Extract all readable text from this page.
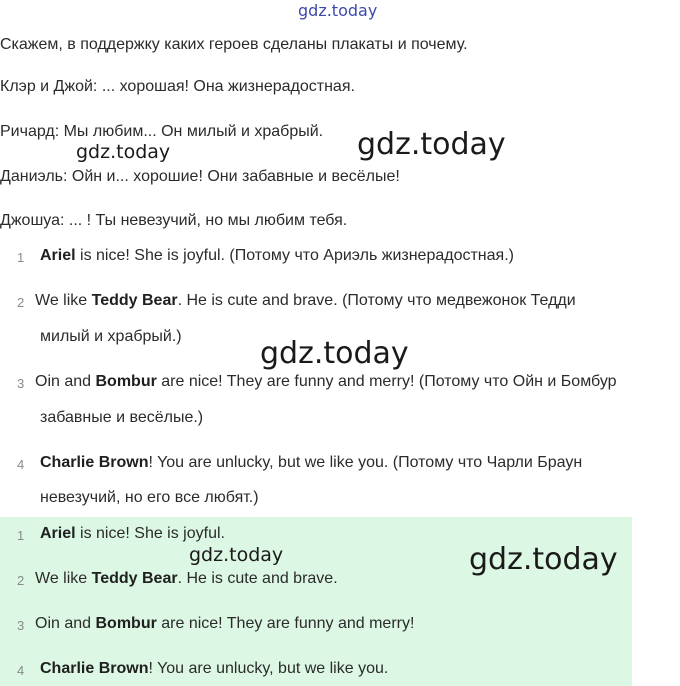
gdz.today
gdz.today	gdz.today
gdz.today
gdz.today	gdz.today
Скажем, в поддержку каких героев сделаны плакаты и почему.
Клэр и Джой: ... хорошая! Она жизнерадостная.
Ричард: Мы любим... Он милый и храбрый.
Даниэль: Ойн и... хорошие! Они забавные и весёлые!
Джошуа: ... ! Ты невезучий, но мы любим тебя.
1 Ariel is nice! She is joyful. (Потому что Ариэль жизнерадостная.)
2 We like Teddy Bear. He is cute and brave. (Потому что медвежонок Тедди
милый и храбрый.)
3 Oin and Bombur are nice! They are funny and merry! (Потому что Ойн и Бомбур
забавные и весёлые.)
4 Charlie Brown! You are unlucky, but we like you. (Потому что Чарли Браун
невезучий, но его все любят.)
1 Ariel is nice! She is joyful.
2 We like Teddy Bear. He is cute and brave.
3 Oin and Bombur are nice! They are funny and merry!
4 Charlie Brown! You are unlucky, but we like you.
